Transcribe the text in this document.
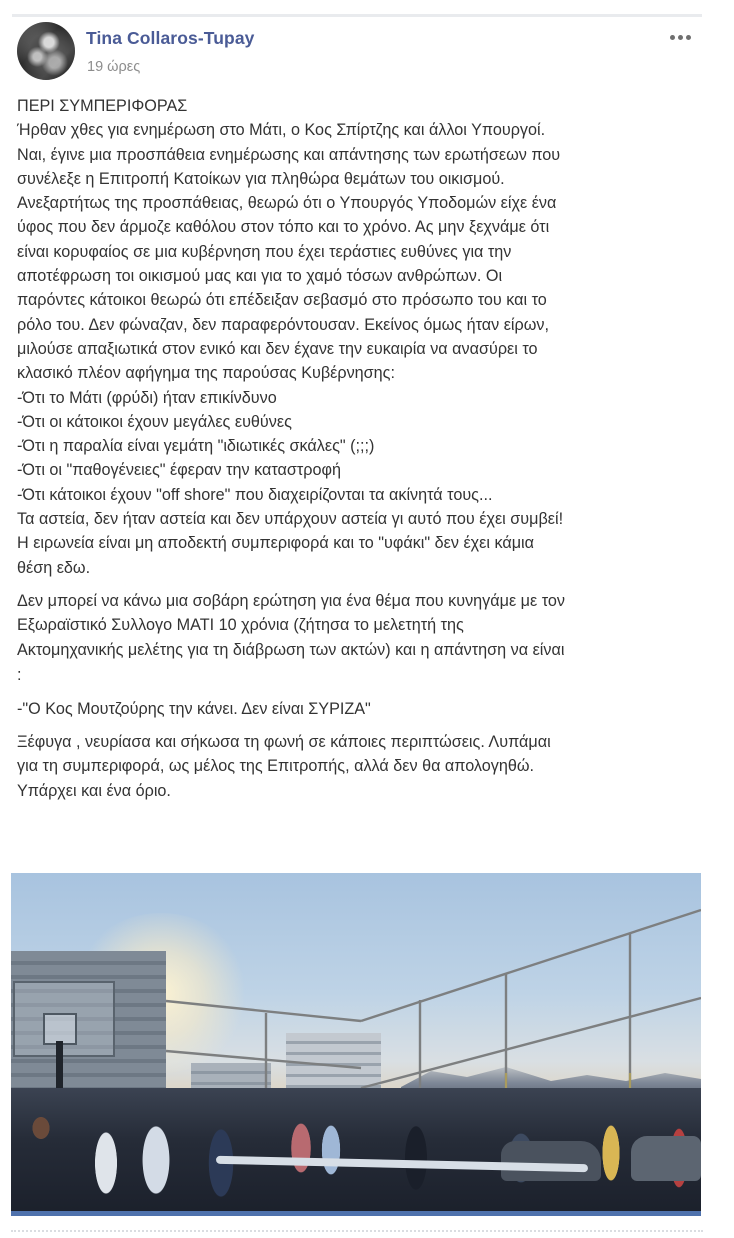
Tina Collaros-Tupay
19 ώρες

ΠΕΡΙ ΣΥΜΠΕΡΙΦΟΡΑΣ

Ήρθαν χθες για ενημέρωση στο Μάτι, ο Κος Σπίρτζης και άλλοι Υπουργοί.

Ναι, έγινε μια προσπάθεια ενημέρωσης και απάντησης των ερωτήσεων που

συνέλεξε η Επιτροπή Κατοίκων για πληθώρα θεμάτων του οικισμού.

Ανεξαρτήτως της προσπάθειας, θεωρώ ότι ο Υπουργός Υποδομών είχε ένα

ύφος που δεν άρμοζε καθόλου στον τόπο και το χρόνο. Ας μην ξεχνάμε ότι

είναι κορυφαίος σε μια κυβέρνηση που έχει τεράστιες ευθύνες για την

αποτέφρωση τοι οικισμού μας και για το χαμό τόσων ανθρώπων. Οι

παρόντες κάτοικοι θεωρώ ότι επέδειξαν σεβασμό στο πρόσωπο του και το

ρόλο του. Δεν φώναζαν, δεν παραφερόντουσαν. Εκείνος όμως ήταν είρων,

μιλούσε απαξιωτικά στον ενικό και δεν έχανε την ευκαιρία να ανασύρει το

κλασικό πλέον αφήγημα της παρούσας Κυβέρνησης:

-Ότι το Μάτι (φρύδι) ήταν επικίνδυνο

-Ότι οι κάτοικοι έχουν μεγάλες ευθύνες

-Ότι η παραλία είναι γεμάτη "ιδιωτικές σκάλες" (;;;)

-Ότι οι "παθογένειες" έφεραν την καταστροφή

-Ότι κάτοικοι έχουν "off shore" που διαχειρίζονται τα ακίνητά τους...

Τα αστεία, δεν ήταν αστεία και δεν υπάρχουν αστεία γι αυτό που έχει συμβεί!

Η ειρωνεία είναι μη αποδεκτή συμπεριφορά και το "υφάκι" δεν έχει κάμια

θέση εδω.

Δεν μπορεί να κάνω μια σοβάρη ερώτηση για ένα θέμα που κυνηγάμε με τον

Εξωραϊστικό Συλλογο ΜΑΤΙ 10 χρόνια (ζήτησα το μελετητή της

Ακτομηχανικής μελέτης για τη διάβρωση των ακτών) και η απάντηση να είναι

:

-"Ο Κος Μουτζούρης την κάνει. Δεν είναι ΣΥΡΙΖΑ"

Ξέφυγα , νευρίασα και σήκωσα τη φωνή σε κάποιες περιπτώσεις. Λυπάμαι

για τη συμπεριφορά, ως μέλος της Επιτροπής, αλλά δεν θα απολογηθώ.

Υπάρχει και ένα όριο.
